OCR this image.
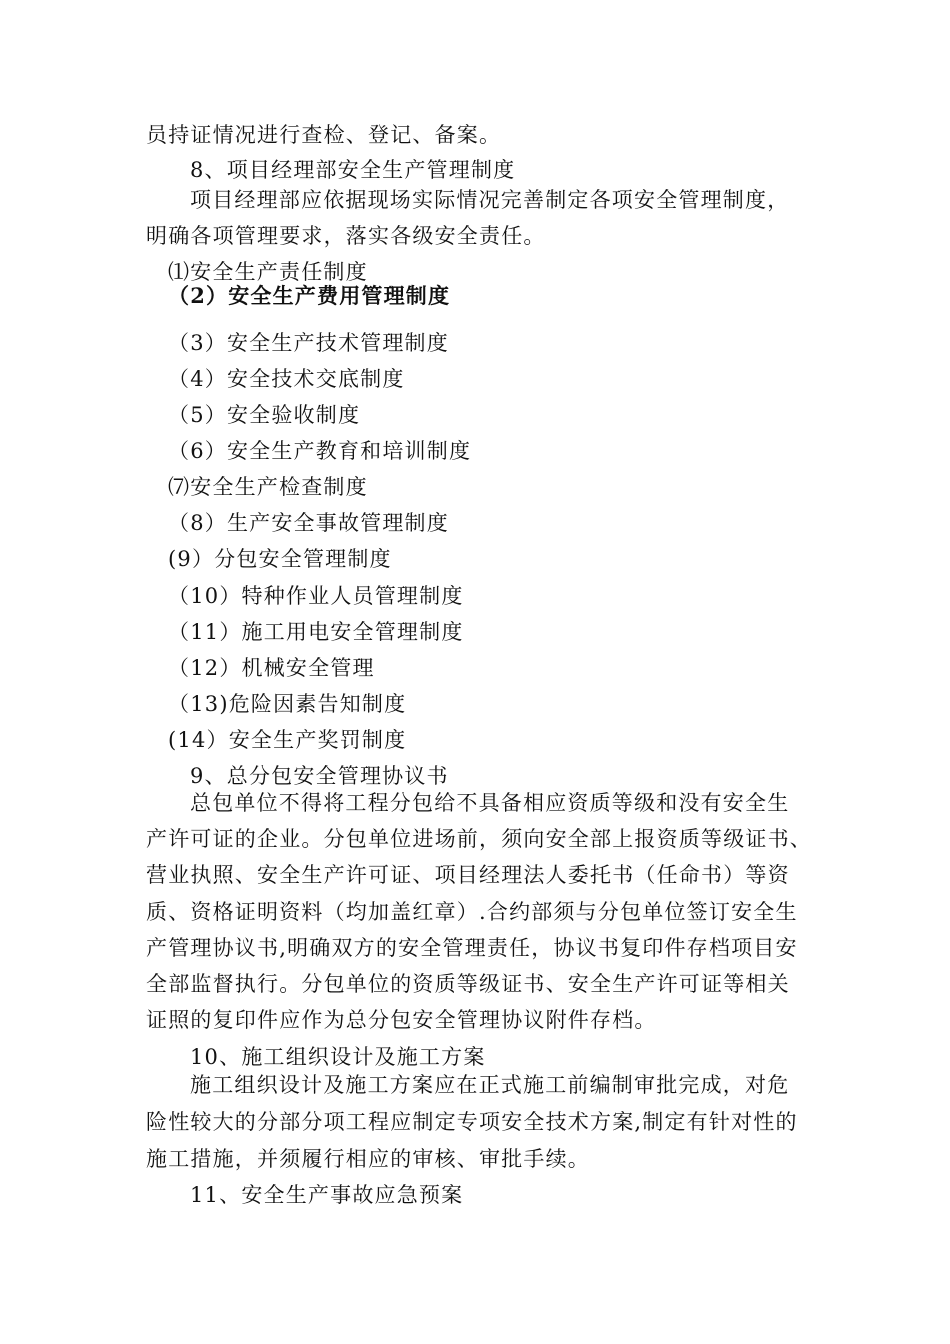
员持证情况进行查检、登记、备案。
8、项目经理部安全生产管理制度
项目经理部应依据现场实际情况完善制定各项安全管理制度，
明确各项管理要求，落实各级安全责任。
⑴安全生产责任制度
（2）安全生产费用管理制度
（3）安全生产技术管理制度
（4）安全技术交底制度
（5）安全验收制度
（6）安全生产教育和培训制度
⑺安全生产检查制度
（8）生产安全事故管理制度
(9）分包安全管理制度
（10）特种作业人员管理制度
（11）施工用电安全管理制度
（12）机械安全管理
（13)危险因素告知制度
(14）安全生产奖罚制度
9、总分包安全管理协议书
总包单位不得将工程分包给不具备相应资质等级和没有安全生
产许可证的企业。分包单位进场前，须向安全部上报资质等级证书、
营业执照、安全生产许可证、项目经理法人委托书（任命书）等资
质、资格证明资料（均加盖红章）.合约部须与分包单位签订安全生
产管理协议书,明确双方的安全管理责任，协议书复印件存档项目安
全部监督执行。分包单位的资质等级证书、安全生产许可证等相关
证照的复印件应作为总分包安全管理协议附件存档。
10、施工组织设计及施工方案
施工组织设计及施工方案应在正式施工前编制审批完成，对危
险性较大的分部分项工程应制定专项安全技术方案,制定有针对性的
施工措施，并须履行相应的审核、审批手续。
11、安全生产事故应急预案
